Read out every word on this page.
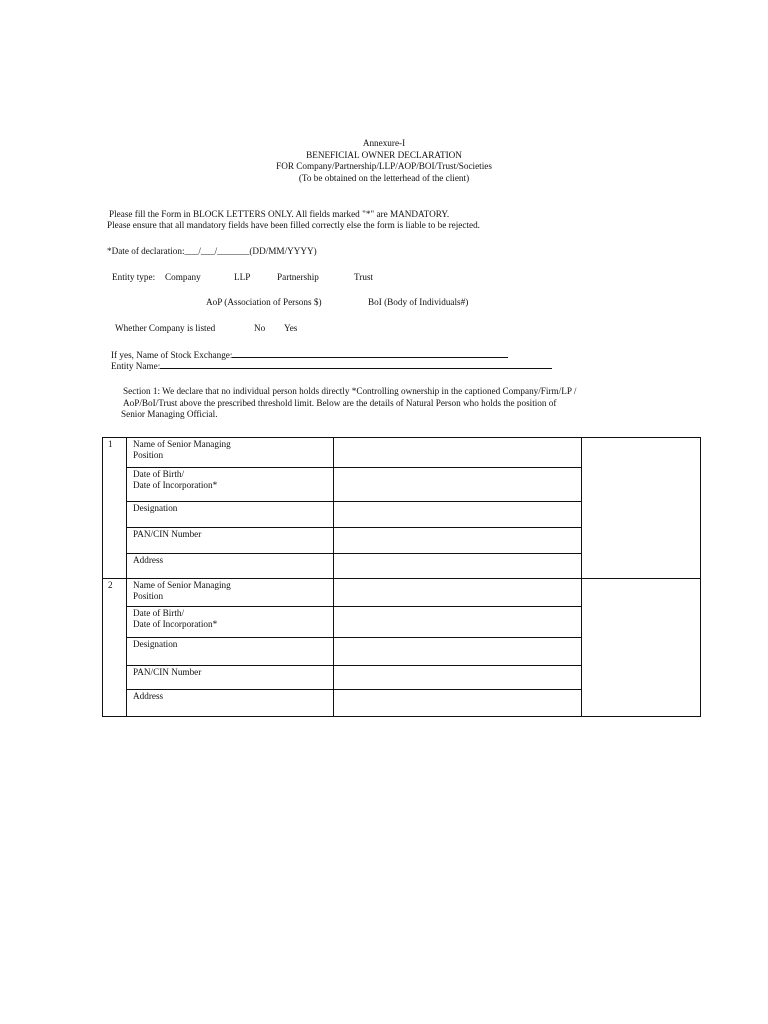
Annexure-I
BENEFICIAL OWNER DECLARATION
FOR Company/Partnership/LLP/AOP/BOI/Trust/Societies
(To be obtained on the letterhead of the client)
Please fill the Form in BLOCK LETTERS ONLY. All fields marked "*" are MANDATORY.
Please ensure that all mandatory fields have been filled correctly else the form is liable to be rejected.
*Date of declaration:___/___/_______(DD/MM/YYYY)
Entity type: Company	LLP	Partnership	Trust
AoP (Association of Persons $)	BoI (Body of Individuals#)
Whether Company is listed	No Yes
If yes, Name of Stock Exchange:
Entity Name:
Section 1: We declare that no individual person holds directly *Controlling ownership in the captioned Company/Firm/LP /
AoP/BoI/Trust above the prescribed threshold limit. Below are the details of Natural Person who holds the position of
Senior Managing Official.
1	Name of Senior Managing
Position		

	Date of Birth/
Date of Incorporation*		

	Designation		

	PAN/CIN Number		

	Address		

2	Name of Senior Managing
Position		

	Date of Birth/
Date of Incorporation*		

	Designation		

	PAN/CIN Number		

	Address		
